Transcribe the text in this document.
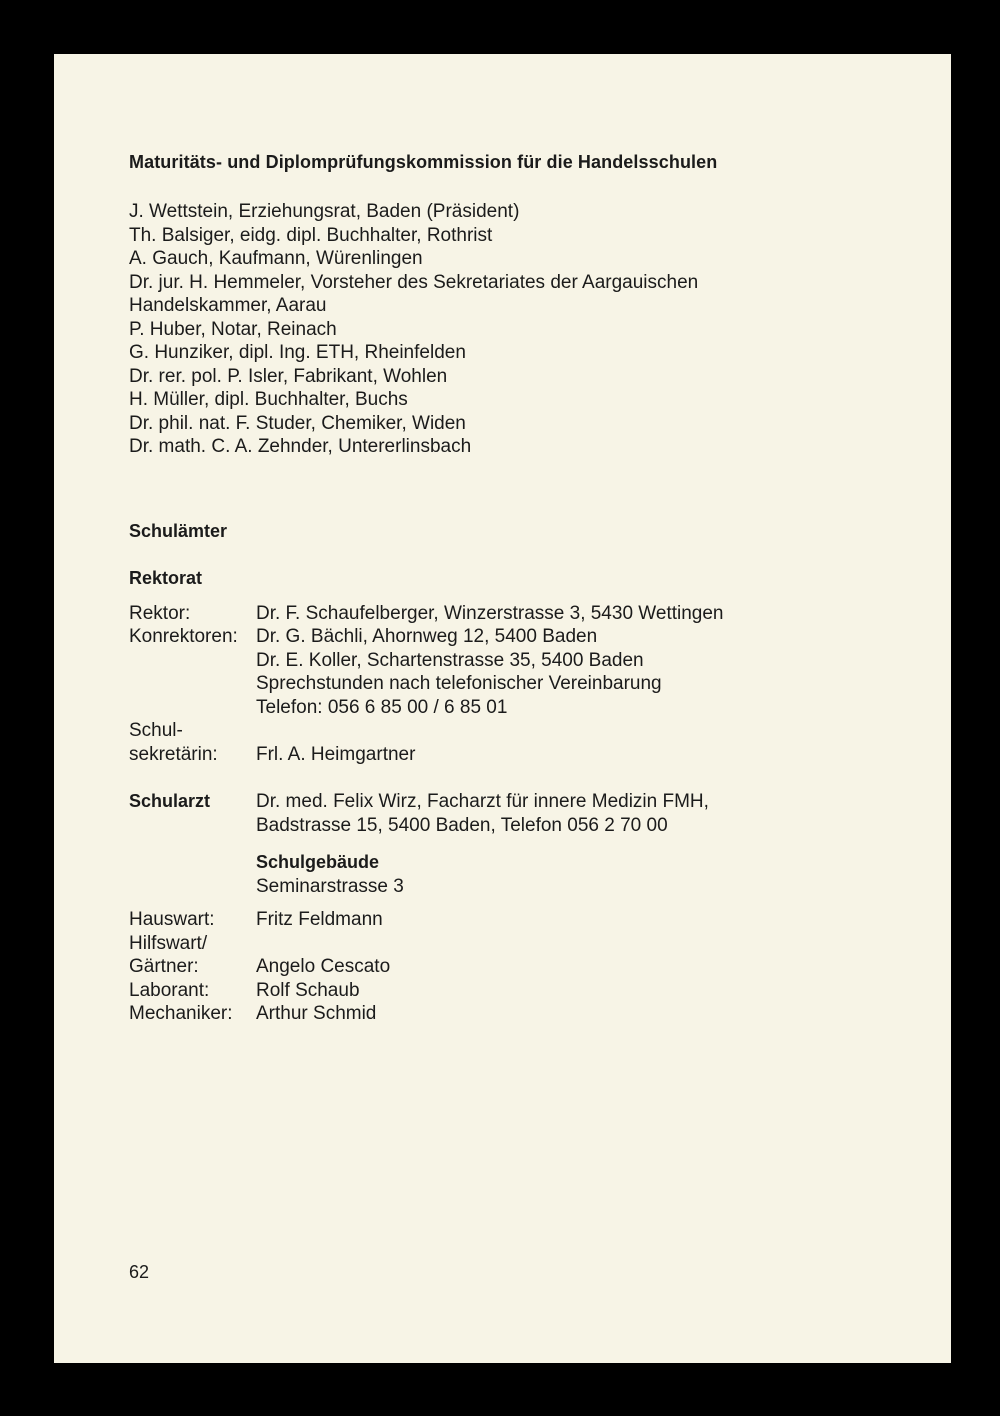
Maturitäts- und Diplomprüfungskommission für die Handelsschulen
J. Wettstein, Erziehungsrat, Baden (Präsident)
Th. Balsiger, eidg. dipl. Buchhalter, Rothrist
A. Gauch, Kaufmann, Würenlingen
Dr. jur. H. Hemmeler, Vorsteher des Sekretariates der Aargauischen
Handelskammer, Aarau
P. Huber, Notar, Reinach
G. Hunziker, dipl. Ing. ETH, Rheinfelden
Dr. rer. pol. P. Isler, Fabrikant, Wohlen
H. Müller, dipl. Buchhalter, Buchs
Dr. phil. nat. F. Studer, Chemiker, Widen
Dr. math. C. A. Zehnder, Untererlinsbach
Schulämter
Rektorat
Rektor:	Dr. F. Schaufelberger, Winzerstrasse 3, 5430 Wettingen
Konrektoren: Dr. G. Bächli, Ahornweg 12, 5400 Baden
Dr. E. Koller, Schartenstrasse 35, 5400 Baden
Sprechstunden nach telefonischer Vereinbarung
Telefon: 056 6 85 00 / 6 85 01
Schul-
sekretärin: Frl. A. Heimgartner
Schularzt Dr. med. Felix Wirz, Facharzt für innere Medizin FMH,
Badstrasse 15, 5400 Baden, Telefon 056 2 70 00
Schulgebäude
Seminarstrasse 3
Hauswart: Fritz Feldmann
Hilfswart/
Gärtner:	Angelo Cescato
Laborant: Rolf Schaub
Mechaniker: Arthur Schmid
62
